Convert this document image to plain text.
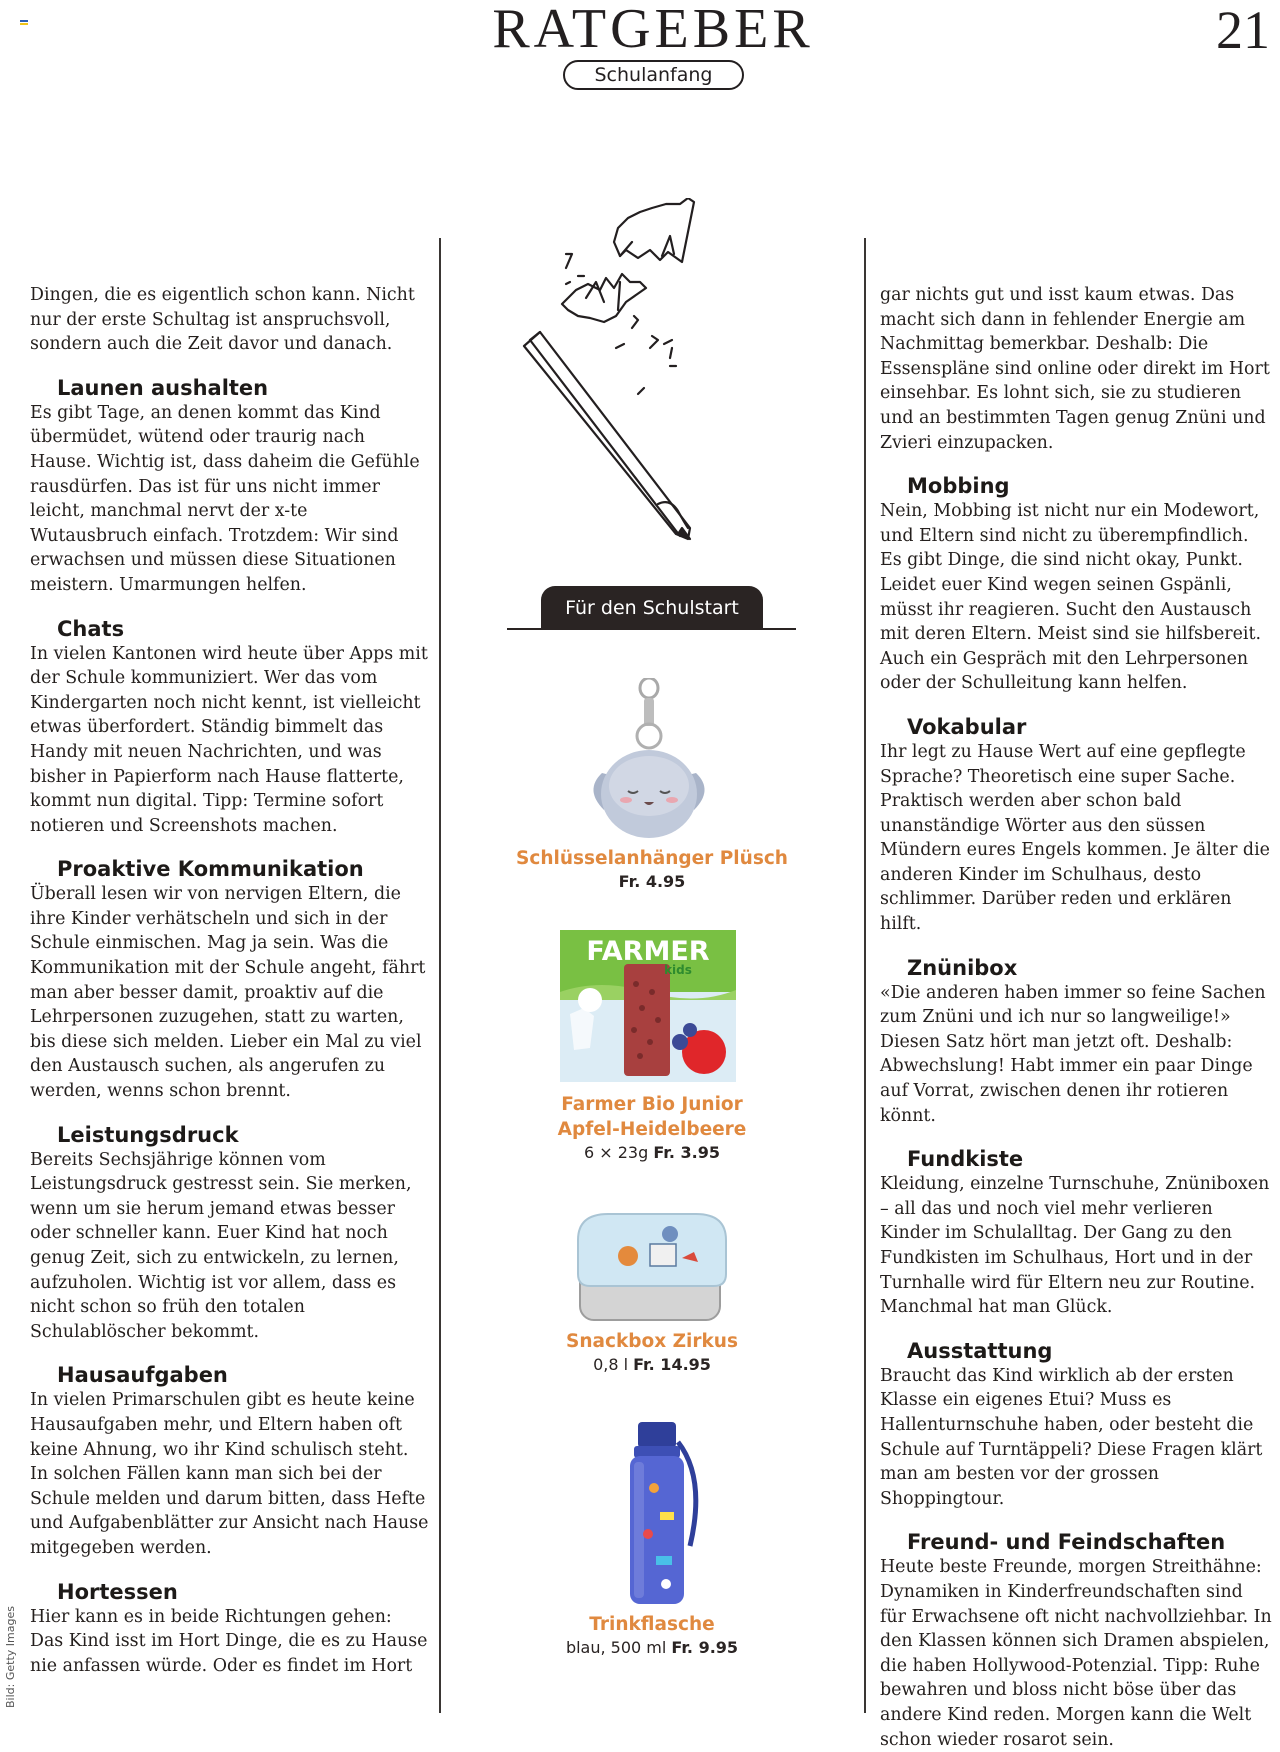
RATGEBER
Schulanfang
21
Bild: Getty Images

Dingen, die es eigentlich schon kann. Nicht nur der erste Schultag ist anspruchsvoll, sondern auch die Zeit davor und danach.

Launen aushalten

Es gibt Tage, an denen kommt das Kind übermüdet, wütend oder traurig nach Hause. Wichtig ist, dass daheim die Gefühle rausdürfen. Das ist für uns nicht immer leicht, manchmal nervt der x-te Wutausbruch einfach. Trotzdem: Wir sind erwachsen und müssen diese Situationen meistern. Umarmungen helfen.

Chats

In vielen Kantonen wird heute über Apps mit der Schule kommuniziert. Wer das vom Kindergarten noch nicht kennt, ist vielleicht etwas überfordert. Ständig bimmelt das Handy mit neuen Nachrichten, und was bisher in Papierform nach Hause flatterte, kommt nun digital. Tipp: Termine sofort notieren und Screenshots machen.

Proaktive Kommunikation

Überall lesen wir von nervigen Eltern, die ihre Kinder verhätscheln und sich in der Schule einmischen. Mag ja sein. Was die Kommunikation mit der Schule angeht, fährt man aber besser damit, proaktiv auf die Lehrpersonen zuzugehen, statt zu warten, bis diese sich melden. Lieber ein Mal zu viel den Austausch suchen, als angerufen zu werden, wenns schon brennt.

Leistungsdruck

Bereits Sechsjährige können vom Leistungsdruck gestresst sein. Sie merken, wenn um sie herum jemand etwas besser oder schneller kann. Euer Kind hat noch genug Zeit, sich zu entwickeln, zu lernen, aufzuholen. Wichtig ist vor allem, dass es nicht schon so früh den totalen Schulablöscher bekommt.

Hausaufgaben

In vielen Primarschulen gibt es heute keine Hausaufgaben mehr, und Eltern haben oft keine Ahnung, wo ihr Kind schulisch steht. In solchen Fällen kann man sich bei der Schule melden und darum bitten, dass Hefte und Aufgabenblätter zur Ansicht nach Hause mitgegeben werden.

Hortessen

Hier kann es in beide Richtungen gehen: Das Kind isst im Hort Dinge, die es zu Hause nie anfassen würde. Oder es findet im Hort

gar nichts gut und isst kaum etwas. Das macht sich dann in fehlender Energie am Nachmittag bemerkbar. Deshalb: Die Essenspläne sind online oder direkt im Hort einsehbar. Es lohnt sich, sie zu studieren und an bestimmten Tagen genug Znüni und Zvieri einzupacken.

Mobbing

Nein, Mobbing ist nicht nur ein Modewort, und Eltern sind nicht zu überempfindlich. Es gibt Dinge, die sind nicht okay, Punkt. Leidet euer Kind wegen seinen Gspänli, müsst ihr reagieren. Sucht den Austausch mit deren Eltern. Meist sind sie hilfsbereit. Auch ein Gespräch mit den Lehrpersonen oder der Schulleitung kann helfen.

Vokabular

Ihr legt zu Hause Wert auf eine gepflegte Sprache? Theoretisch eine super Sache. Praktisch werden aber schon bald unanständige Wörter aus den süssen Mündern eures Engels kommen. Je älter die anderen Kinder im Schulhaus, desto schlimmer. Darüber reden und erklären hilft.

Znünibox

«Die anderen haben immer so feine Sachen zum Znüni und ich nur so langweilige!» Diesen Satz hört man jetzt oft. Deshalb: Abwechslung! Habt immer ein paar Dinge auf Vorrat, zwischen denen ihr rotieren könnt.

Fundkiste

Kleidung, einzelne Turnschuhe, Znüniboxen – all das und noch viel mehr verlieren Kinder im Schulalltag. Der Gang zu den Fundkisten im Schulhaus, Hort und in der Turnhalle wird für Eltern neu zur Routine. Manchmal hat man Glück.

Ausstattung

Braucht das Kind wirklich ab der ersten Klasse ein eigenes Etui? Muss es Hallenturnschuhe haben, oder besteht die Schule auf Turntäppeli? Diese Fragen klärt man am besten vor der grossen Shoppingtour.

Freund- und Feindschaften

Heute beste Freunde, morgen Streithähne: Dynamiken in Kinderfreundschaften sind für Erwachsene oft nicht nachvollziehbar. In den Klassen können sich Dramen abspielen, die haben Hollywood-Potenzial. Tipp: Ruhe bewahren und bloss nicht böse über das andere Kind reden. Morgen kann die Welt schon wieder rosarot sein.

Für den Schulstart
Schlüsselanhänger Plüsch
Fr. 4.95
FARMER
kids
Farmer Bio Junior
Apfel-Heidelbeere
6 × 23g Fr. 3.95
Snackbox Zirkus
0,8 l Fr. 14.95
Trinkflasche
blau, 500 ml Fr. 9.95
